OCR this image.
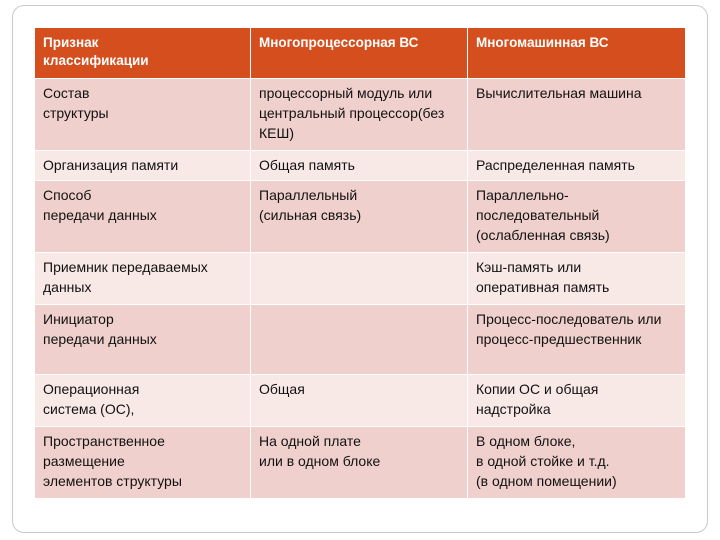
Признак
классификации	Многопроцессорная ВС	Многомашинная ВС

Состав
структуры	процессорный модуль или
центральный процессор(без
КЕШ)	Вычислительная машина

Организация памяти	Общая память	Распределенная память

Способ
передачи данных	Параллельный
(сильная связь)	Параллельно-
последовательный
(ослабленная связь)

Приемник передаваемых
данных		Кэш-память или
оперативная память

Инициатор
передачи данных		Процесс-последователь или
процесс-предшественник

Операционная
система (ОС),	Общая	Копии ОС и общая
надстройка

Пространственное
размещение
элементов структуры	На одной плате
или в одном блоке	В одном блоке,
в одной стойке и т.д.
(в одном помещении)
